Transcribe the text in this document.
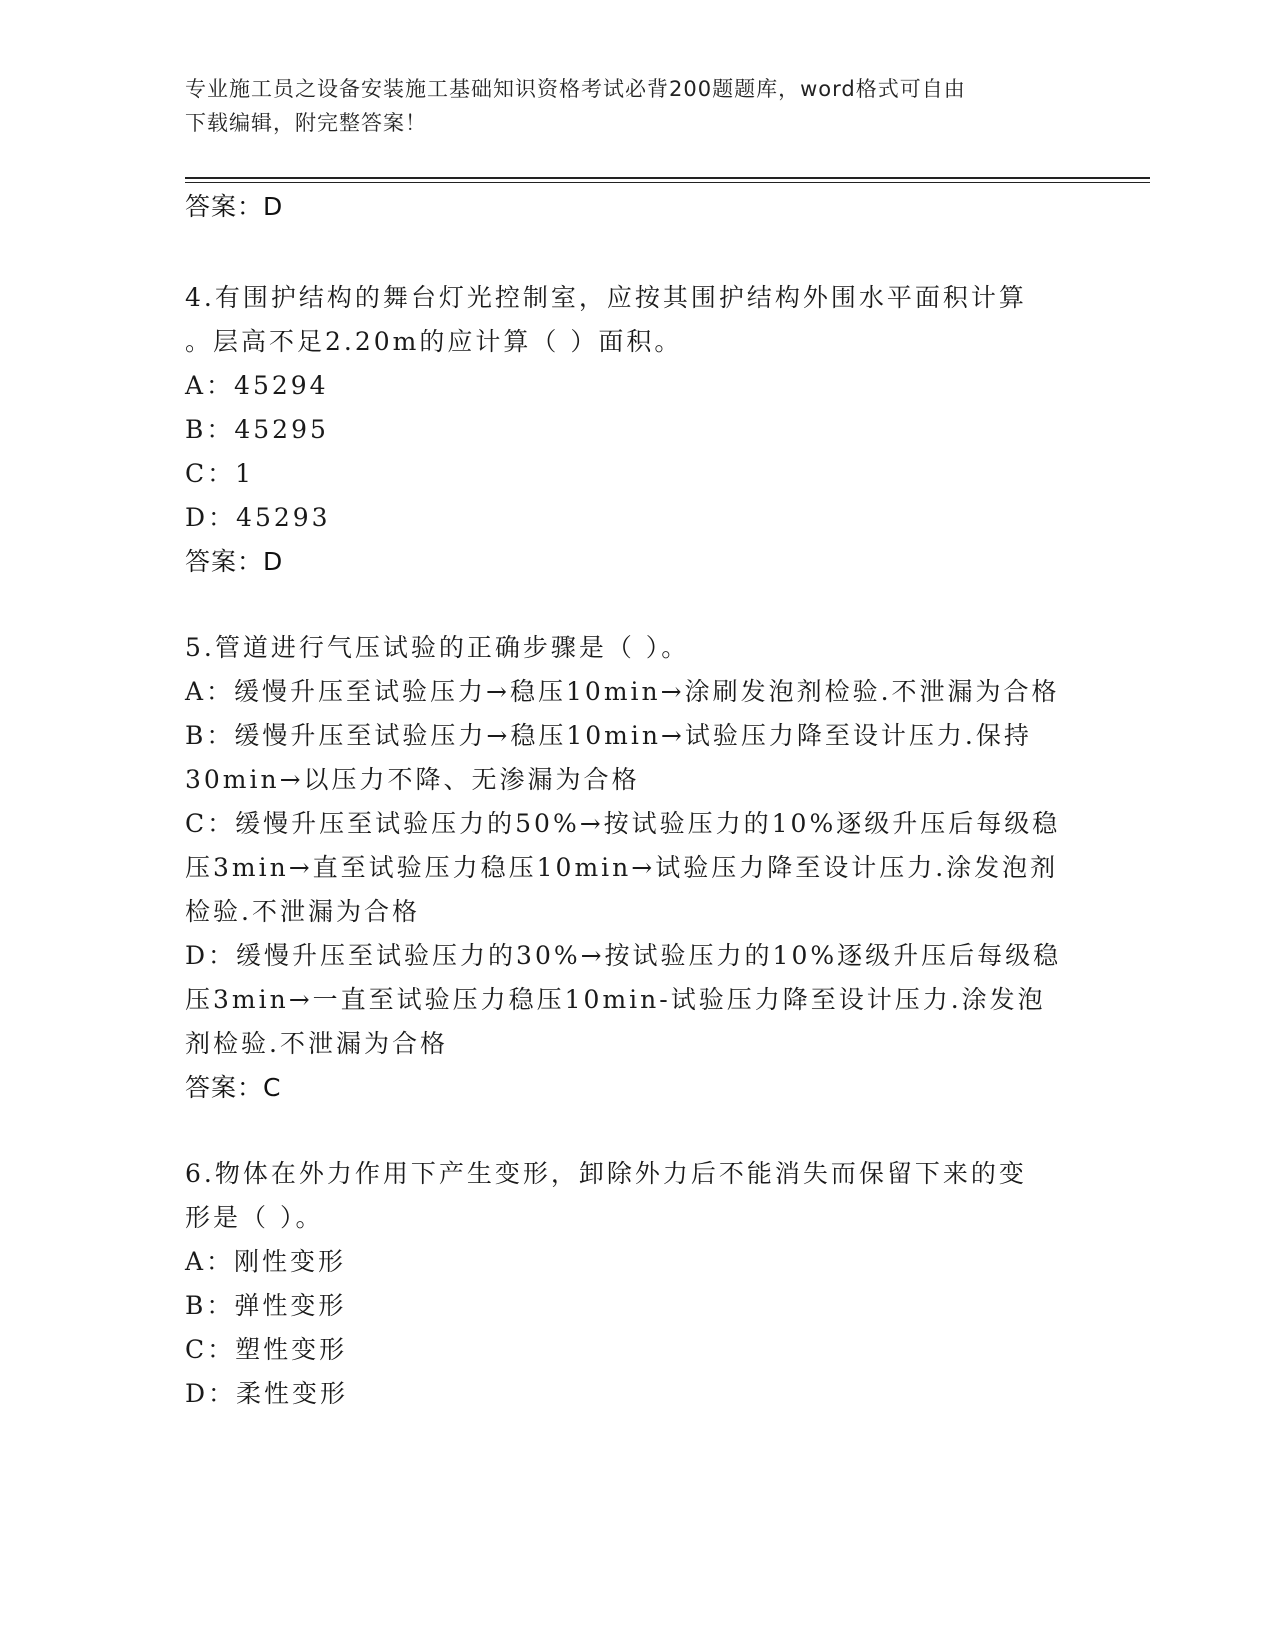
专业施工员之设备安装施工基础知识资格考试必背200题题库，word格式可自由
下载编辑，附完整答案！
答案：D
4.有围护结构的舞台灯光控制室，应按其围护结构外围水平面积计算
。层高不足2.20m的应计算（ ）面积。
A：45294
B：45295
C：1
D：45293
答案：D
5.管道进行气压试验的正确步骤是（ ）。
A：缓慢升压至试验压力→稳压10min→涂刷发泡剂检验.不泄漏为合格
B：缓慢升压至试验压力→稳压10min→试验压力降至设计压力.保持
30min→以压力不降、无渗漏为合格
C：缓慢升压至试验压力的50%→按试验压力的10%逐级升压后每级稳
压3min→直至试验压力稳压10min→试验压力降至设计压力.涂发泡剂
检验.不泄漏为合格
D：缓慢升压至试验压力的30%→按试验压力的10%逐级升压后每级稳
压3min→一直至试验压力稳压10min-试验压力降至设计压力.涂发泡
剂检验.不泄漏为合格
答案：C
6.物体在外力作用下产生变形，卸除外力后不能消失而保留下来的变
形是（ ）。
A：刚性变形
B：弹性变形
C：塑性变形
D：柔性变形
